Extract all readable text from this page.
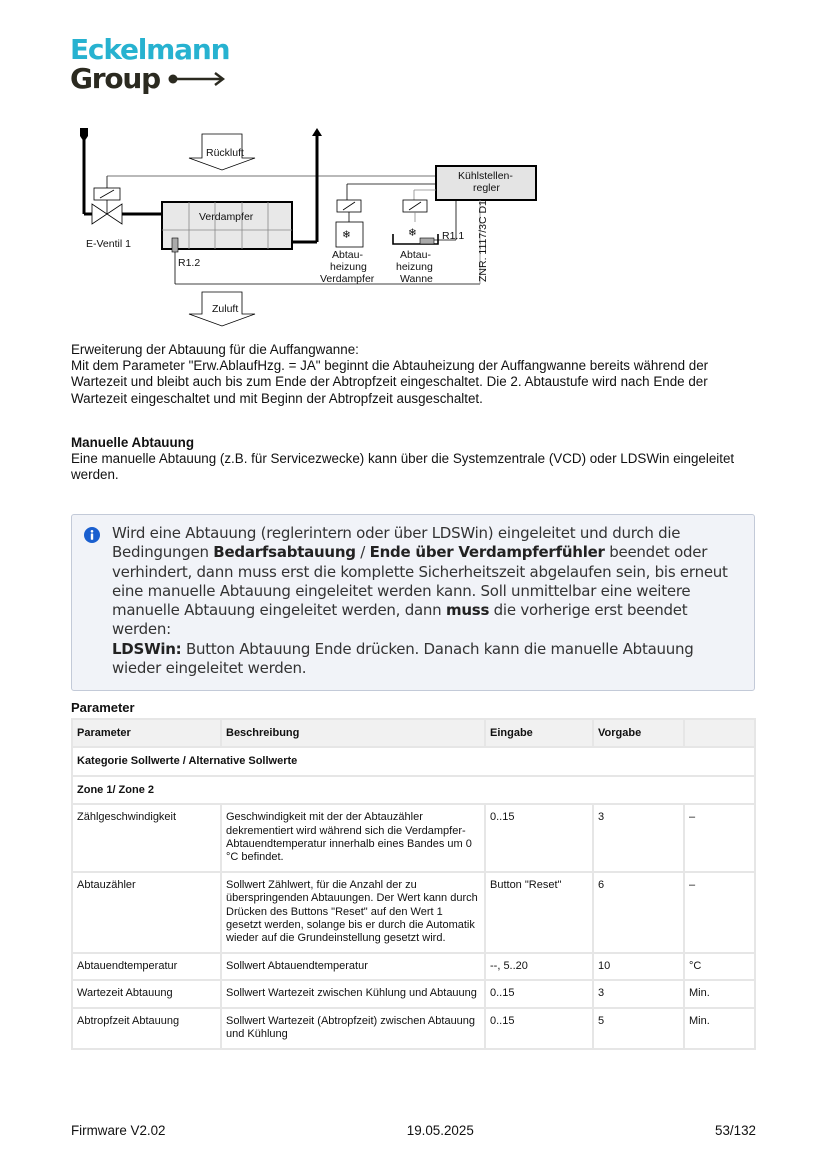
Eckelmann
Group
E-Ventil 1
Rückluft
Verdampfer
R1.2
Zuluft
Kühlstellen-
regler
❄
Abtau-
heizung
Verdampfer
❄ R1.1
Abtau-
heizung
Wanne	ZNR. 1117/3C D1
Erweiterung der Abtauung für die Auffangwanne:
Mit dem Parameter "Erw.AblaufHzg. = JA" beginnt die Abtauheizung der Auffangwanne bereits während der Wartezeit und bleibt auch bis zum Ende der Abtropfzeit eingeschaltet. Die 2. Abtaustufe wird nach Ende der Wartezeit eingeschaltet und mit Beginn der Abtropfzeit ausgeschaltet.
Manuelle Abtauung
Eine manuelle Abtauung (z.B. für Servicezwecke) kann über die Systemzentrale (VCD) oder LDSWin eingeleitet werden.
Wird eine Abtauung (reglerintern oder über LDSWin) eingeleitet und durch die Bedingungen Bedarfsabtauung / Ende über Verdampferfühler beendet oder verhindert, dann muss erst die komplette Sicherheitszeit abgelaufen sein, bis erneut eine manuelle Abtauung eingeleitet werden kann. Soll unmittelbar eine weitere manuelle Abtauung eingeleitet werden, dann muss die vorherige erst beendet werden:
LDSWin: Button Abtauung Ende drücken. Danach kann die manuelle Abtauung wieder eingeleitet werden.
Parameter
Parameter	Beschreibung	Eingabe	Vorgabe	
Kategorie Sollwerte / Alternative Sollwerte				
Zone 1/ Zone 2				
Zählgeschwindigkeit	Geschwindigkeit mit der der Abtauzähler dekrementiert wird während sich die Verdampfer-Abtauendtemperatur innerhalb eines Bandes um 0 °C befindet.	0..15	3	–
Abtauzähler	Sollwert Zählwert, für die Anzahl der zu überspringenden Abtauungen. Der Wert kann durch Drücken des Buttons "Reset" auf den Wert 1 gesetzt werden, solange bis er durch die Automatik wieder auf die Grundeinstellung gesetzt wird.	Button "Reset"	6	–
Abtauendtemperatur	Sollwert Abtauendtemperatur	--, 5..20	10	°C
Wartezeit Abtauung	Sollwert Wartezeit zwischen Kühlung und Abtauung	0..15	3	Min.
Abtropfzeit Abtauung	Sollwert Wartezeit (Abtropfzeit) zwischen Abtauung und Kühlung	0..15	5	Min.
Firmware V2.02	19.05.2025	53/132
